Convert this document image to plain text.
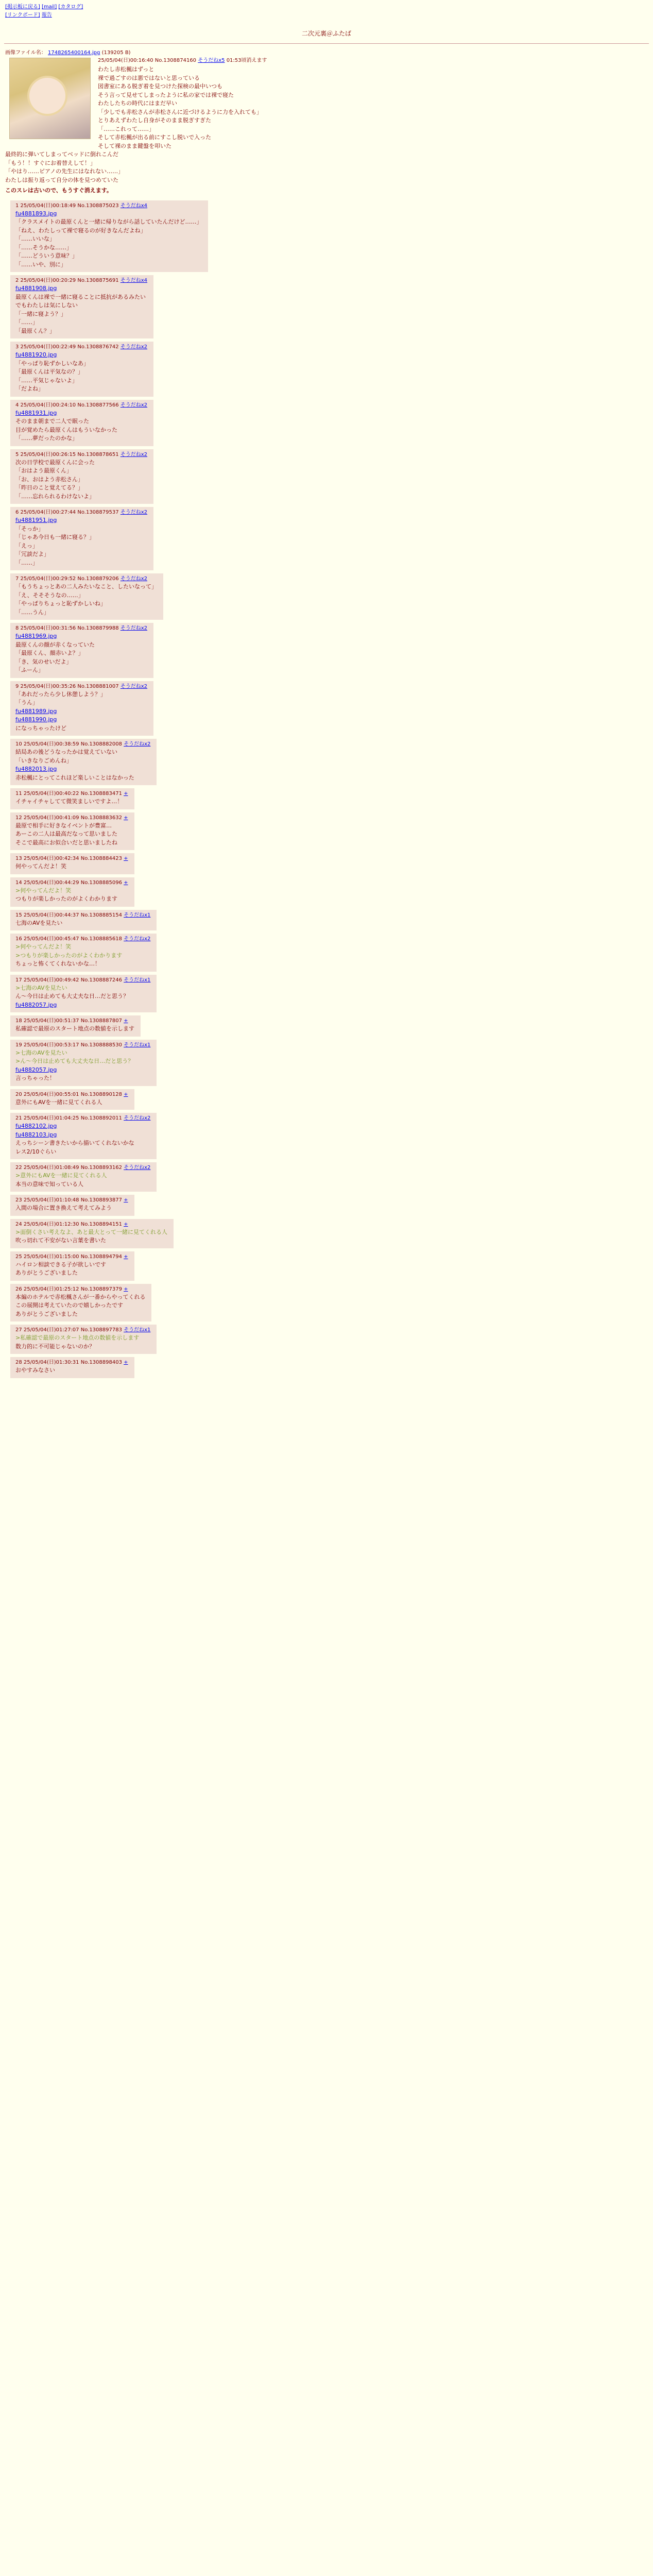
[掲示板に戻る] [mail] [カタログ]
[リンクボード] 報告
二次元裏＠ふたば
画像ファイル名： 1748265400164.jpg (139205 B)
25/05/04(日)00:16:40 No.1308874160 そうだねx5 01:53頃消えます
わたし赤松楓はずっと
裸で過ごすのは悪ではないと思っている
図書室にある脱ぎ着を見つけた探検の最中いつも
そう言って見せてしまったように私の家では裸で寝た
わたしたちの時代にはまだ早い
「少しでも赤松さんが赤松さんに近づけるように力を入れても」
とりあえずわたし自身がそのまま脱ぎすぎた
「……これって……」
そして赤松楓が出る前にすこし脱いで入った
そして裸のまま鍵盤を叩いた
最終的に弾いてしまってベッドに倒れこんだ
「もう！！すぐにお着替えして！」
「やはり……ピアノの先生にはなれない……」
わたしは振り返って自分の体を見つめていた
このスレは古いので、もうすぐ消えます。
1 25/05/04(日)00:18:49 No.1308875023 そうだねx4
fu4881893.jpg
「クラスメイトの最原くんと一緒に帰りながら話していたんだけど……」
「ねえ、わたしって裸で寝るのが好きなんだよね」
「……いいな」
「……そうかな……」
「……どういう意味？」
「……いや、別に」
2 25/05/04(日)00:20:29 No.1308875691 そうだねx4
fu4881908.jpg
最原くんは裸で一緒に寝ることに抵抗があるみたい
でもわたしは気にしない
「一緒に寝よう？」
「……」
「最原くん？」
3 25/05/04(日)00:22:49 No.1308876742 そうだねx2
fu4881920.jpg
「やっぱり恥ずかしいなあ」
「最原くんは平気なの？」
「……平気じゃないよ」
「だよね」
4 25/05/04(日)00:24:10 No.1308877566 そうだねx2
fu4881931.jpg
そのまま朝まで二人で眠った
目が覚めたら最原くんはもういなかった
「……夢だったのかな」
5 25/05/04(日)00:26:15 No.1308878651 そうだねx2
次の日学校で最原くんに会った
「おはよう最原くん」
「お、おはよう赤松さん」
「昨日のこと覚えてる？」
「……忘れられるわけないよ」
6 25/05/04(日)00:27:44 No.1308879537 そうだねx2
fu4881951.jpg
「そっか」
「じゃあ今日も一緒に寝る？」
「えっ」
「冗談だよ」
「……」
7 25/05/04(日)00:29:52 No.1308879206 そうだねx2
「もうちょっとあの二人みたいなこと、したいなって」
「え、そそそうなの……」
「やっぱりちょっと恥ずかしいね」
「……うん」
8 25/05/04(日)00:31:56 No.1308879988 そうだねx2
fu4881969.jpg
最原くんの顔が赤くなっていた
「最原くん、顔赤いよ？」
「き、気のせいだよ」
「ふーん」
9 25/05/04(日)00:35:26 No.1308881007 そうだねx2
「あれだったら少し休憩しよう？」
「うん」
fu4881989.jpg
fu4881990.jpg
になっちゃったけど
10 25/05/04(日)00:38:59 No.1308882008 そうだねx2
結局あの後どうなったかは覚えていない
「いきなりごめんね」
fu4882013.jpg
赤松楓にとってこれほど楽しいことはなかった
11 25/05/04(日)00:40:22 No.1308883471 +
イチャイチャしてて微笑ましいですよ…！
12 25/05/04(日)00:41:09 No.1308883632 +
最原で相手に好きなイベントが豊富…
あーこの二人は最高だなって思いました
そこで最高にお似合いだと思いましたね
13 25/05/04(日)00:42:34 No.1308884423 +
何やってんだよ！笑
14 25/05/04(日)00:44:29 No.1308885096 +
>何やってんだよ！笑
つもりが楽しかったのがよくわかります
15 25/05/04(日)00:44:37 No.1308885154 そうだねx1
七海のAVを見たい
16 25/05/04(日)00:45:47 No.1308885618 そうだねx2
>何やってんだよ！笑
>つもりが楽しかったのがよくわかります
ちょっと怖くてくれないかな…！
17 25/05/04(日)00:49:42 No.1308887246 そうだねx1
>七海のAVを見たい
ん～今日は止めても大丈夫な日…だと思う？
fu4882057.jpg
18 25/05/04(日)00:51:37 No.1308887807 +
私確認で最原のスタート地点の数値を示します
19 25/05/04(日)00:53:17 No.1308888530 そうだねx1
>七海のAVを見たい
>ん～今日は止めても大丈夫な日…だと思う？
fu4882057.jpg
言っちゃった！
20 25/05/04(日)00:55:01 No.1308890128 +
意外にもAVを一緒に見てくれる人
21 25/05/04(日)01:04:25 No.1308892011 そうだねx2
fu4882102.jpg
fu4882103.jpg
えっちシーン書きたいから描いてくれないかな
レス2/10ぐらい
22 25/05/04(日)01:08:49 No.1308893162 そうだねx2
>意外にもAVを一緒に見てくれる人
本当の意味で知っている人
23 25/05/04(日)01:10:48 No.1308893877 +
入間の場合に置き換えて考えてみよう
24 25/05/04(日)01:12:30 No.1308894151 +
>面倒くさい考えなよ、あと最大とって一緒に見てくれる人
吹っ切れて不安がない言葉を書いた
25 25/05/04(日)01:15:00 No.1308894794 +
ハイロン相談できる子が欲しいです
ありがとうございました
26 25/05/04(日)01:25:12 No.1308897379 +
本編のホテルで赤松楓さんが一番からやってくれる
この展開は考えていたので嬉しかったです
ありがとうございました
27 25/05/04(日)01:27:07 No.1308897783 そうだねx1
>私確認で最原のスタート地点の数値を示します
数力的に不可能じゃないのか？
28 25/05/04(日)01:30:31 No.1308898403 +
おやすみなさい
